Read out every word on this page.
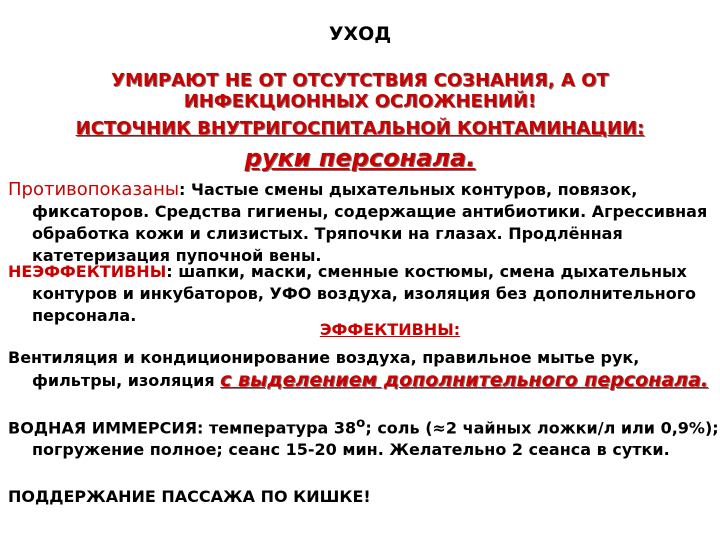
УХОД
УМИРАЮТ НЕ ОТ ОТСУТСТВИЯ СОЗНАНИЯ, А ОТ
ИНФЕКЦИОННЫХ ОСЛОЖНЕНИЙ!
ИСТОЧНИК ВНУТРИГОСПИТАЛЬНОЙ КОНТАМИНАЦИИ:
руки персонала.
Противопоказаны: Частые смены дыхательных контуров, повязок, фиксаторов. Средства гигиены, содержащие антибиотики. Агрессивная обработка кожи и слизистых. Тряпочки на глазах. Продлённая катетеризация пупочной вены.
НЕЭФФЕКТИВНЫ: шапки, маски, сменные костюмы, смена дыхательных контуров и инкубаторов, УФО воздуха, изоляция без дополнительного персонала.
ЭФФЕКТИВНЫ:
Вентиляция и кондиционирование воздуха, правильное мытье рук, фильтры, изоляция с выделением дополнительного персонала.
ВОДНАЯ ИММЕРСИЯ: температура $38^о$; соль (≈2 чайных ложки/л или 0,9%); погружение полное; сеанс 15-20 мин. Желательно 2 сеанса в сутки.
ПОДДЕРЖАНИЕ ПАССАЖА ПО КИШКЕ!
